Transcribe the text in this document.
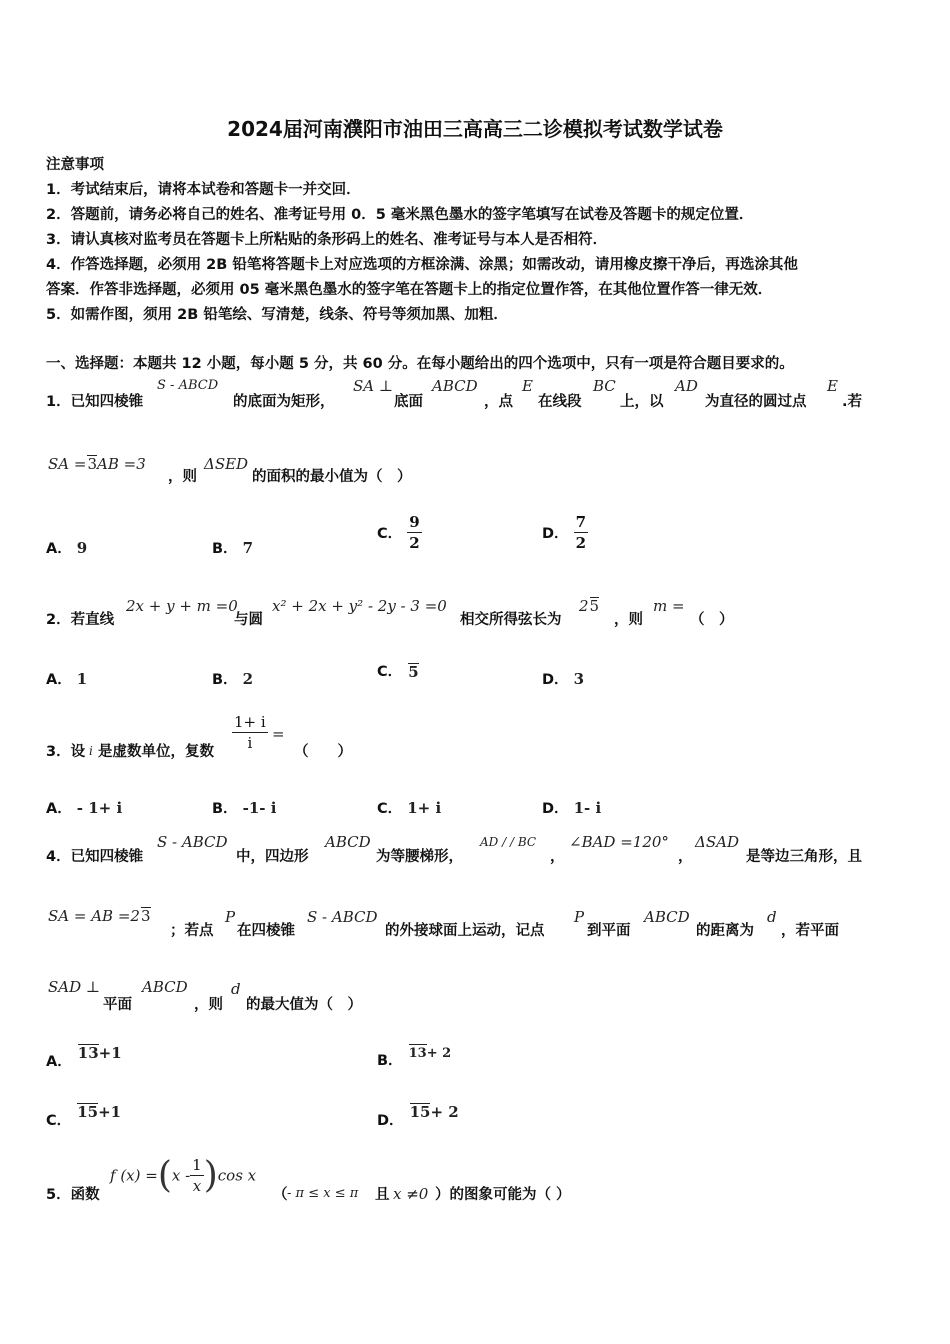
2024届河南濮阳市油田三高高三二诊模拟考试数学试卷
注意事项
1．考试结束后，请将本试卷和答题卡一并交回．
2．答题前，请务必将自己的姓名、准考证号用 0．5 毫米黑色墨水的签字笔填写在试卷及答题卡的规定位置．
3．请认真核对监考员在答题卡上所粘贴的条形码上的姓名、准考证号与本人是否相符．
4．作答选择题，必须用 2B 铅笔将答题卡上对应选项的方框涂满、涂黑；如需改动，请用橡皮擦干净后，再选涂其他
答案．作答非选择题，必须用 05 毫米黑色墨水的签字笔在答题卡上的指定位置作答，在其他位置作答一律无效．
5．如需作图，须用 2B 铅笔绘、写清楚，线条、符号等须加黑、加粗．
一、选择题：本题共 12 小题，每小题 5 分，共 60 分。在每小题给出的四个选项中，只有一项是符合题目要求的。
1．已知四棱锥
S - ABCD
的底面为矩形，
SA ⊥
底面
ABCD
，点
E
在线段
BC
上，以
AD
为直径的圆过点
E
.若
SA =3AB =3
，则
ΔSED
的面积的最小值为（　）
A． 9	B． 7
C． $\frac{9}{2}$	D． $\frac{7}{2}$
2．若直线
2x + y + m =0
与圆
x² + 2x + y² - 2y - 3 =0
相交所得弦长为
25
，则
m =
（　）
A． 1	B． 2	C． 5	D． 3
3．设 i 是虚数单位，复数 $\frac{1+ i}{i}$ =
（　　）
A． - 1+ i	B． -1- i	C． 1+ i	D． 1- i
4．已知四棱锥
S - ABCD
中，四边形
ABCD
为等腰梯形，
AD / / BC
，
∠BAD =120°
，
ΔSAD
是等边三角形，且
SA = AB =23
；若点
P
在四棱锥
S - ABCD
的外接球面上运动，记点
P
到平面
ABCD
的距离为
d
，若平面
SAD ⊥
平面
ABCD
，则
d
的最大值为（　）
A． 13+1	B． 13+ 2
C． 15+1	D． 15+ 2
5．函数
f $(x) =(x - \frac{1}{x} )\cos$ x
（ - π ≤ x ≤ π 且 x ≠0 ）的图象可能为（ ）
